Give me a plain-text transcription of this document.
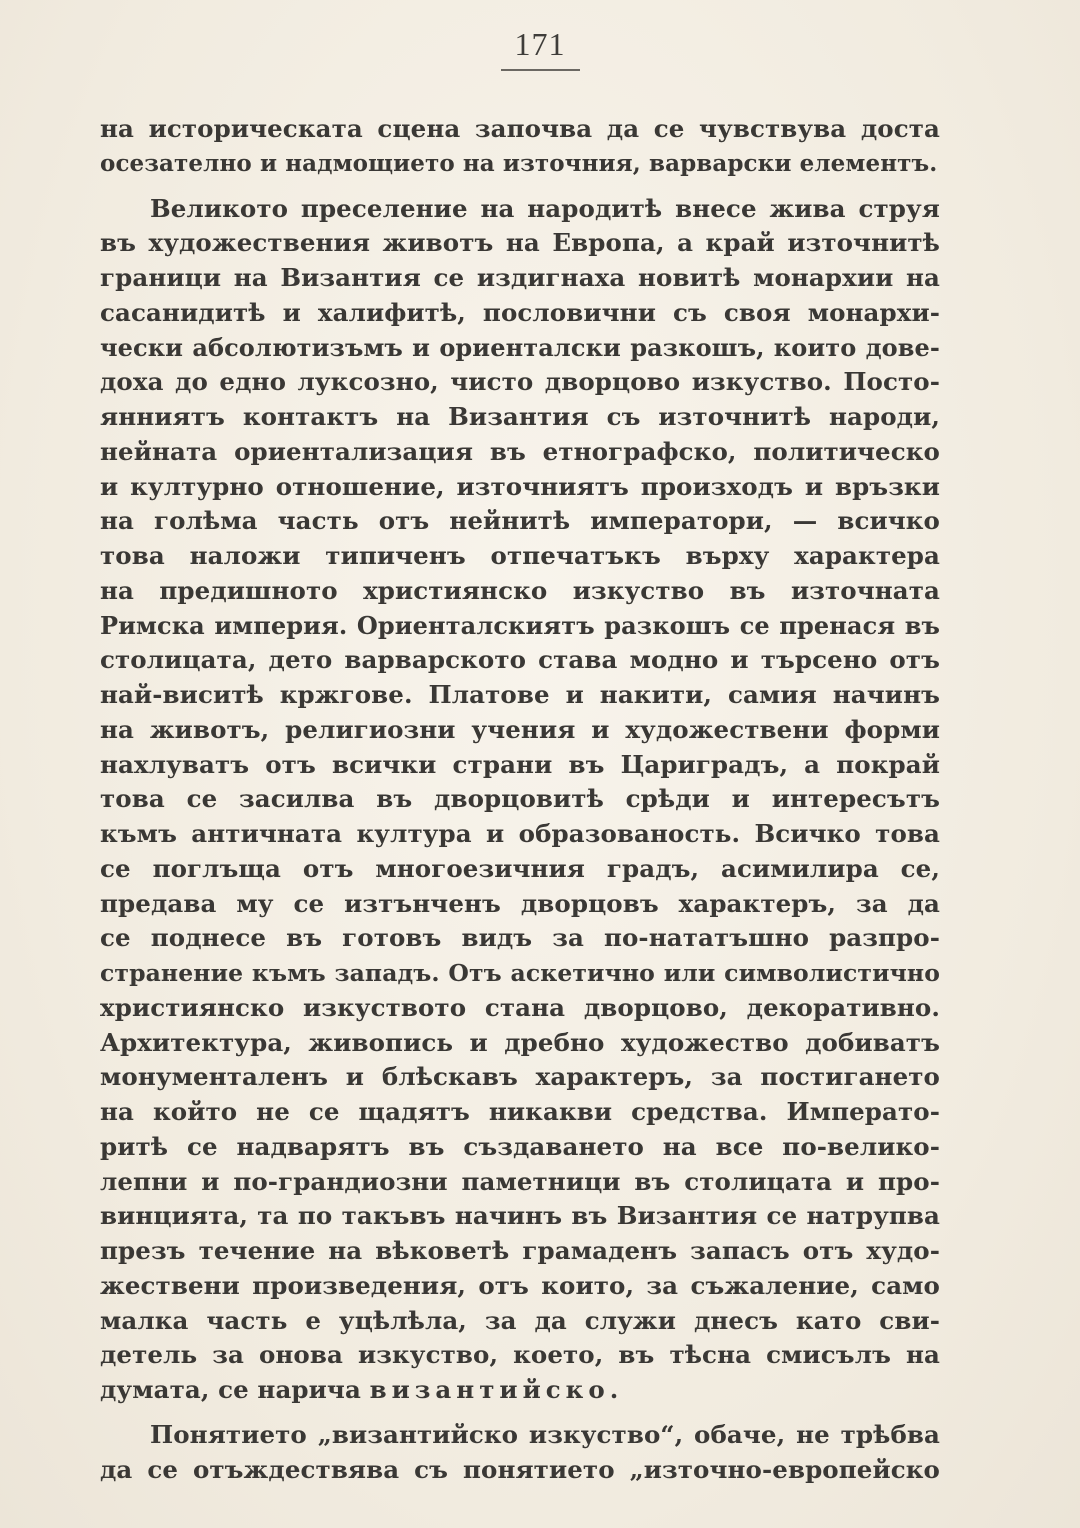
171
на историческата сцена започва да се чувствува доста
осезателно и надмощието на източния, варварски елементъ.
Великото преселение на народитѣ внесе жива струя
въ художествения животъ на Европа, а край източнитѣ
граници на Византия се издигнаха новитѣ монархии на
сасанидитѣ и халифитѣ, пословични съ своя монархи-
чески абсолютизъмъ и ориенталски разкошъ, които дове-
доха до едно луксозно, чисто дворцово изкуство. Посто-
янниятъ контактъ на Византия съ източнитѣ народи,
нейната ориентализация въ етнографско, политическо
и културно отношение, източниятъ произходъ и връзки
на голѣма часть отъ нейнитѣ императори, — всичко
това наложи типиченъ отпечатъкъ върху характера
на предишното християнско изкуство въ източната
Римска империя. Ориенталскиятъ разкошъ се пренася въ
столицата, дето варварското става модно и търсено отъ
най-виситѣ кржгове. Платове и накити, самия начинъ
на животъ, религиозни учения и художествени форми
нахлуватъ отъ всички страни въ Цариградъ, а покрай
това се засилва въ дворцовитѣ срѣди и интересътъ
къмъ античната култура и образованость. Всичко това
се поглъща отъ многоезичния градъ, асимилира се,
предава му се изтънченъ дворцовъ характеръ, за да
се поднесе въ готовъ видъ за по-нататъшно разпро-
странение къмъ западъ. Отъ аскетично или символистично
християнско изкуството стана дворцово, декоративно.
Архитектура, живопись и дребно художество добиватъ
монументаленъ и блѣскавъ характеръ, за постигането
на който не се щадятъ никакви средства. Императо-
ритѣ се надварятъ въ създаването на все по-велико-
лепни и по-грандиозни паметници въ столицата и про-
винцията, та по такъвъ начинъ въ Византия се натрупва
презъ течение на вѣковетѣ грамаденъ запасъ отъ худо-
жествени произведения, отъ които, за съжаление, само
малка часть е уцѣлѣла, за да служи днесъ като сви-
детель за онова изкуство, което, въ тѣсна смисълъ на
думата, се нарича византийско.
Понятието „византийско изкуство“, обаче, не трѣбва
да се отъждествява съ понятието „източно-европейско
